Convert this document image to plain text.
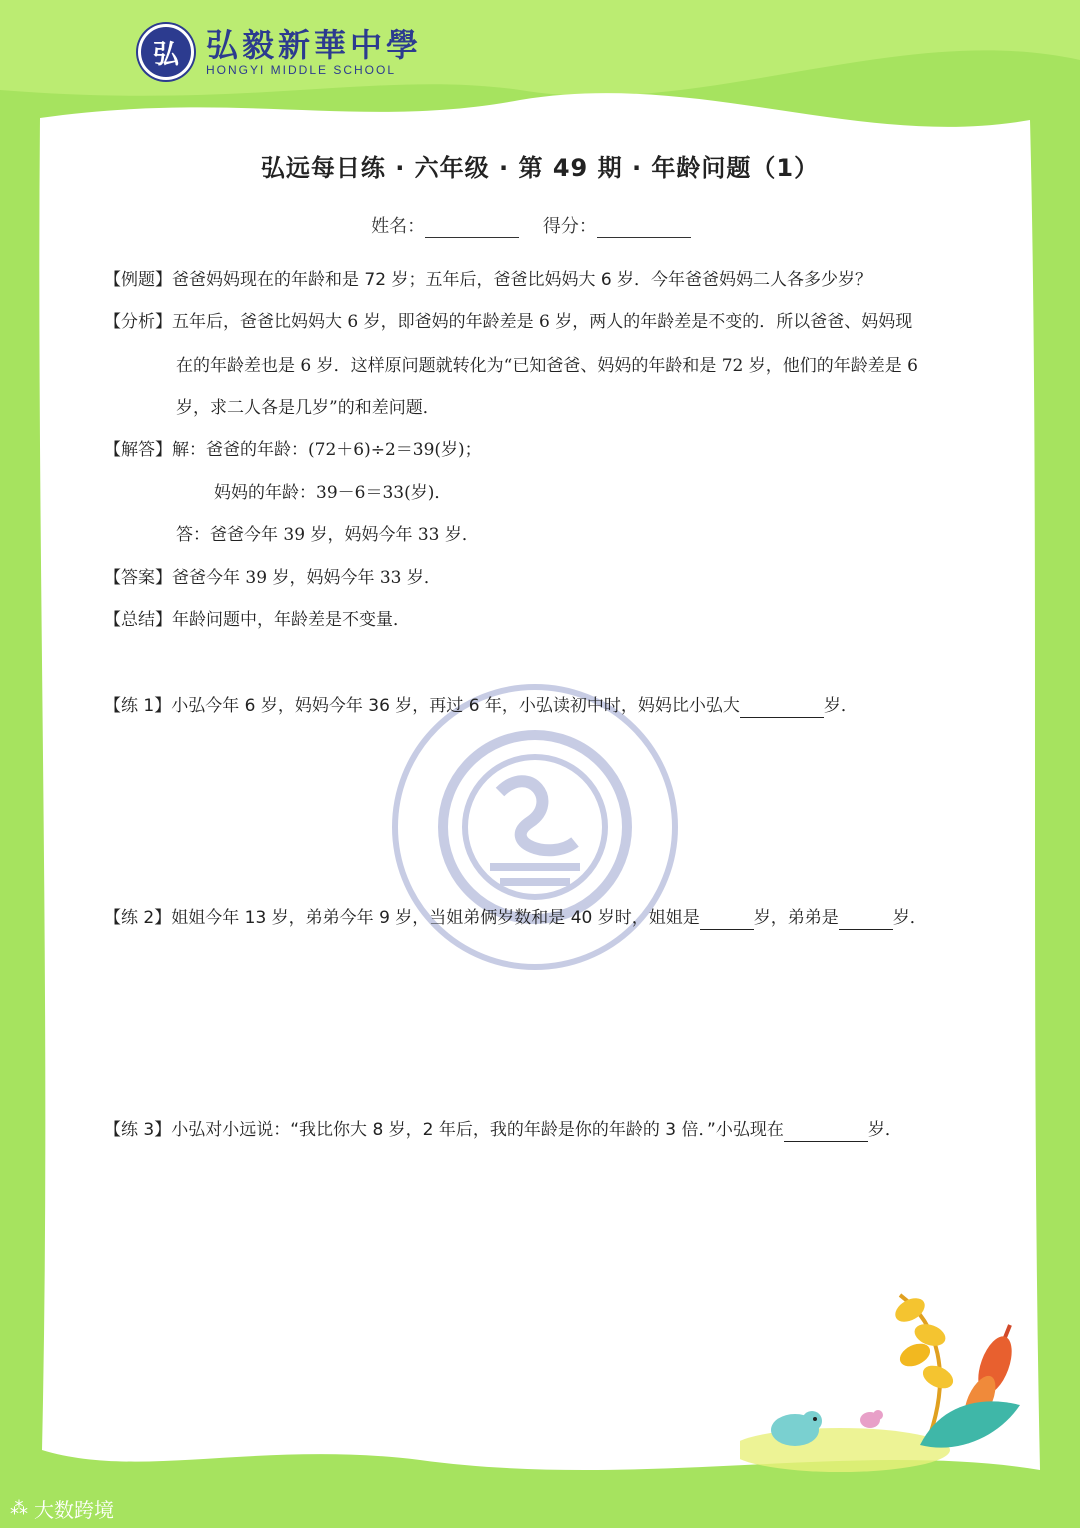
弘 弘毅新華中學
HONGYI MIDDLE SCHOOL
弘远每日练 · 六年级 · 第 49 期 · 年龄问题（1）
姓名：	得分：
【例题】爸爸妈妈现在的年龄和是 72 岁；五年后，爸爸比妈妈大 6 岁．今年爸爸妈妈二人各多少岁？
【分析】五年后，爸爸比妈妈大 6 岁，即爸妈的年龄差是 6 岁，两人的年龄差是不变的．所以爸爸、妈妈现
在的年龄差也是 6 岁．这样原问题就转化为“已知爸爸、妈妈的年龄和是 72 岁，他们的年龄差是 6
岁，求二人各是几岁”的和差问题．
【解答】解：爸爸的年龄：(72＋6)÷2＝39(岁)；
妈妈的年龄：39－6＝33(岁)．
答：爸爸今年 39 岁，妈妈今年 33 岁．
【答案】爸爸今年 39 岁，妈妈今年 33 岁．
【总结】年龄问题中，年龄差是不变量．
【练 1】小弘今年 6 岁，妈妈今年 36 岁，再过 6 年，小弘读初中时，妈妈比小弘大	岁．
【练 2】姐姐今年 13 岁，弟弟今年 9 岁，当姐弟俩岁数和是 40 岁时，姐姐是	岁，弟弟是	岁．
【练 3】小弘对小远说：“我比你大 8 岁，2 年后，我的年龄是你的年龄的 3 倍．”小弘现在	岁．
⁂ 大数跨境
